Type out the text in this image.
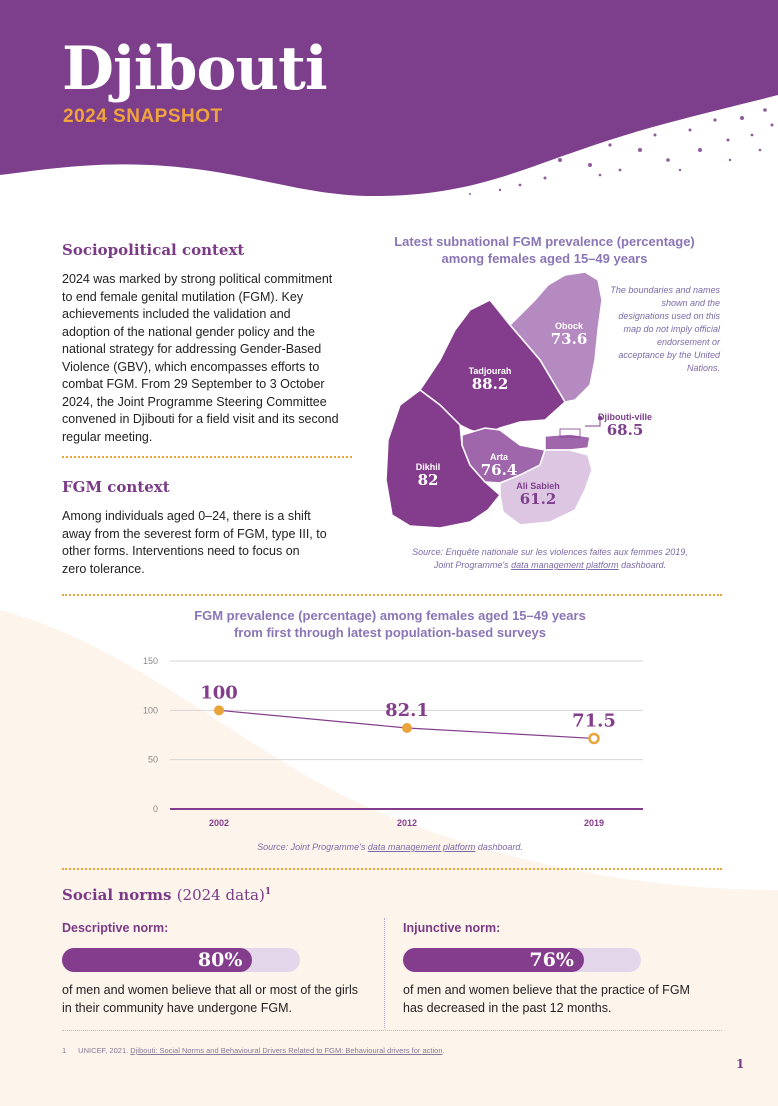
Djibouti
2024 SNAPSHOT
Sociopolitical context
2024 was marked by strong political commitment
to end female genital mutilation (FGM). Key
achievements included the validation and
adoption of the national gender policy and the
national strategy for addressing Gender-Based
Violence (GBV), which encompasses efforts to
combat FGM. From 29 September to 3 October
2024, the Joint Programme Steering Committee
convened in Djibouti for a field visit and its second
regular meeting.
FGM context
Among individuals aged 0–24, there is a shift
away from the severest form of FGM, type III, to
other forms. Interventions need to focus on
zero tolerance.
Latest subnational FGM prevalence (percentage)
among females aged 15–49 years
Obock
73.6
Tadjourah
88.2
Dikhil
82
Arta
76.4
Djibouti-ville
68.5
Ali Sabieh
61.2
The boundaries and names shown and the designations used on this map do not imply official endorsement or acceptance by the United Nations.
Source: Enquête nationale sur les violences faites aux femmes 2019,
Joint Programme's data management platform dashboard.
FGM prevalence (percentage) among females aged 15–49 years
from first through latest population-based surveys
150
100
50
0
100
2002
82.1
2012
71.5
2019
Source: Joint Programme's data management platform dashboard.
Social norms (2024 data)$^1$
Descriptive norm:
80%
of men and women believe that all or most of the girls
in their community have undergone FGM.
Injunctive norm:
76%
of men and women believe that the practice of FGM
has decreased in the past 12 months.
1 UNICEF, 2021. Djibouti: Social Norms and Behavioural Drivers Related to FGM: Behavioural drivers for action.
1
